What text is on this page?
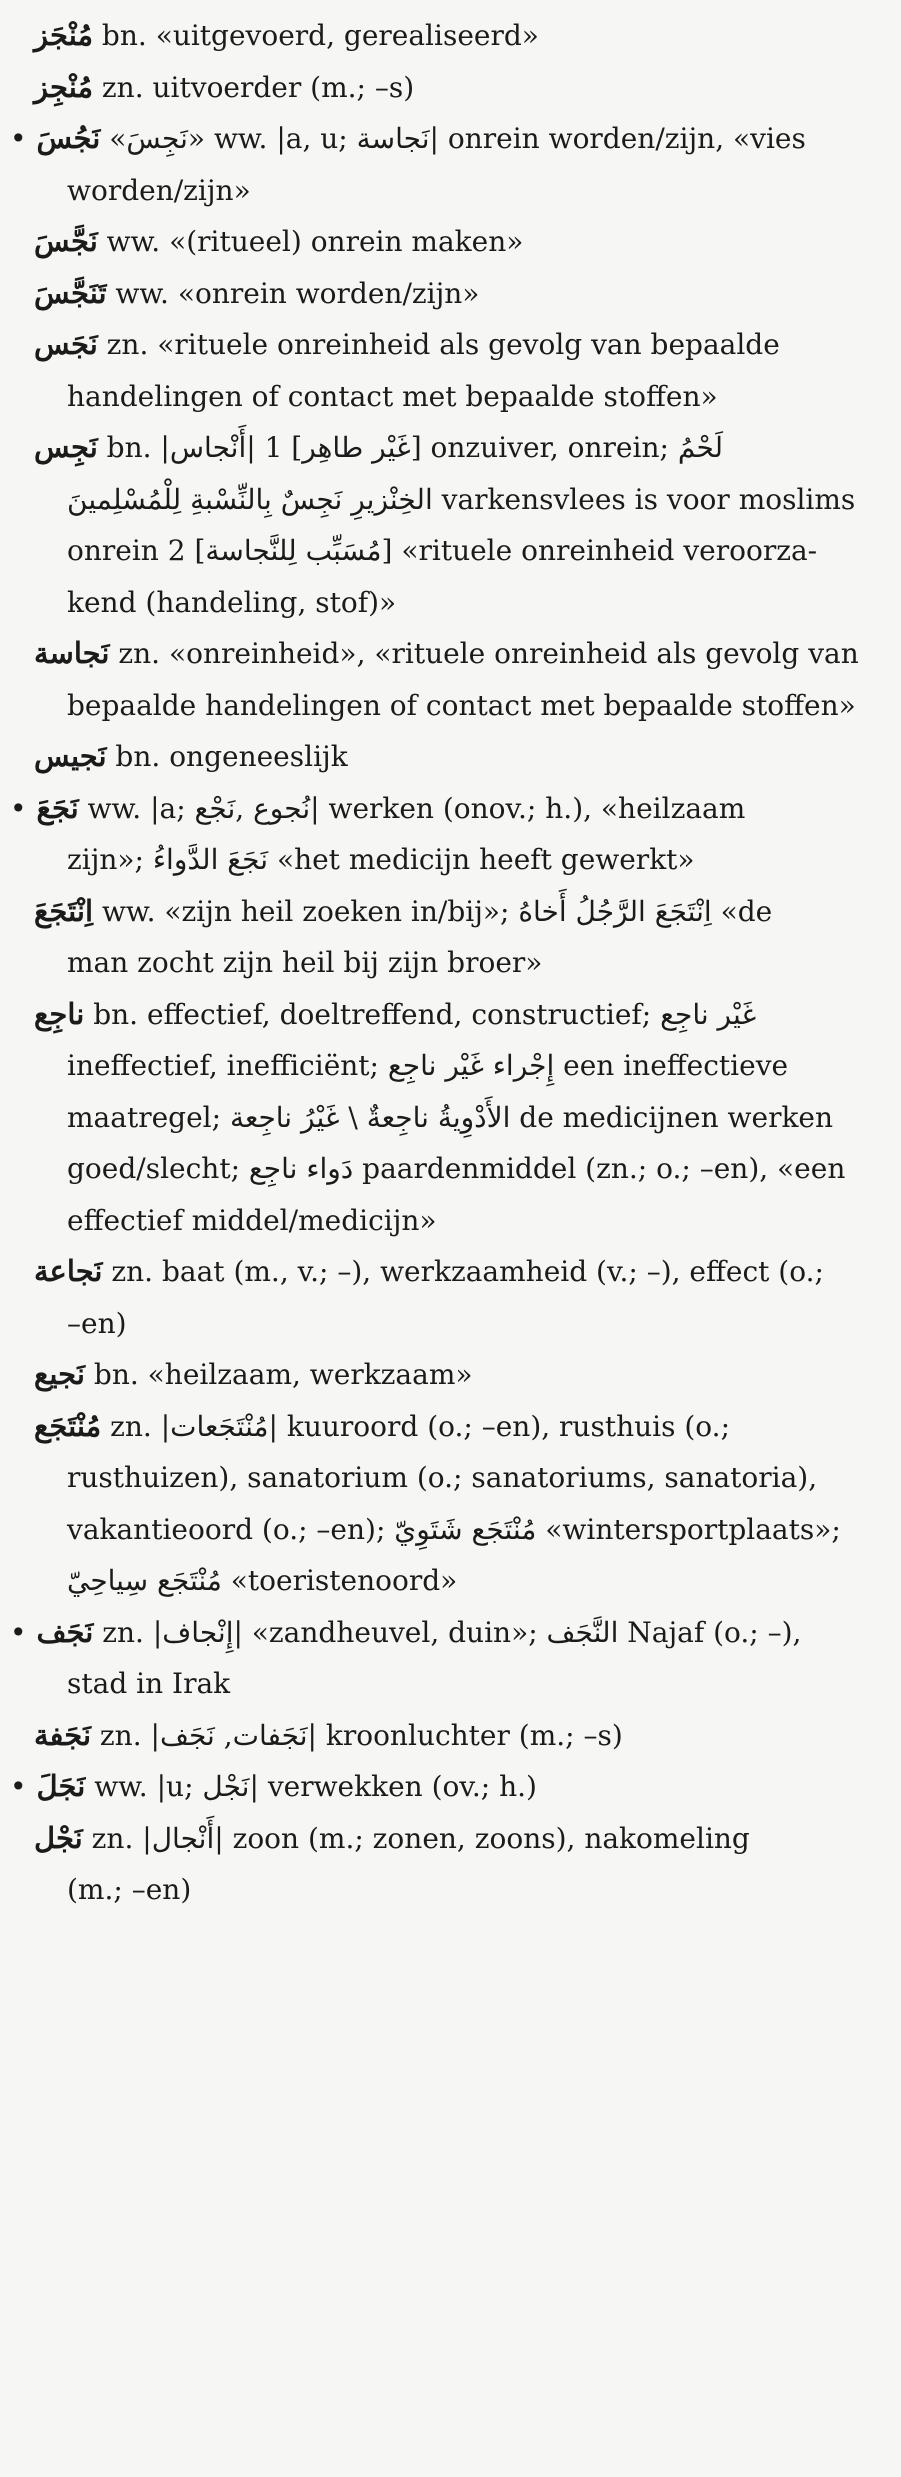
مُنْجَز bn. «uitgevoerd, gerealiseerd»

مُنْجِز zn. uitvoerder (m.; –s)

• نَجُسَ «نَجِسَ» ww. |a, u; نَجاسة| onrein worden/zijn, «vies
worden/zijn»

نَجَّسَ ww. «(ritueel) onrein maken»

تَنَجَّسَ ww. «onrein worden/zijn»

نَجَس zn. «rituele onreinheid als gevolg van bepaalde
handelingen of contact met bepaalde stoffen»

نَجِس bn. |أَنْجاس| 1 [غَيْر طاهِر] onzuiver, onrein; لَحْمُ
الخِنْزيرِ نَجِسٌ بِالنِّسْبةِ لِلْمُسْلِمينَ varkensvlees is voor moslims
onrein 2 [مُسَبِّب لِلنَّجاسة] «rituele onreinheid veroorza-
kend (handeling, stof)»

نَجاسة zn. «onreinheid», «rituele onreinheid als gevolg van
bepaalde handelingen of contact met bepaalde stoffen»

نَجيس bn. ongeneeslijk

• نَجَعَ ww. |a; نُجوع ,نَجْع| werken (onov.; h.), «heilzaam
zijn»; نَجَعَ الدَّواءُ «het medicijn heeft gewerkt»

اِنْتَجَعَ ww. «zijn heil zoeken in/bij»; اِنْتَجَعَ الرَّجُلُ أَخاهُ «de
man zocht zijn heil bij zijn broer»

ناجِع bn. effectief, doeltreffend, constructief; غَيْر ناجِع
ineffectief, inefficiënt; إِجْراء غَيْر ناجِع een ineffectieve
maatregel; الأَدْوِيةُ ناجِعةٌ \ غَيْرُ ناجِعة de medicijnen werken
goed/slecht; دَواء ناجِع paardenmiddel (zn.; o.; –en), «een
effectief middel/medicijn»

نَجاعة zn. baat (m., v.; –), werkzaamheid (v.; –), effect (o.;
–en)

نَجيع bn. «heilzaam, werkzaam»

مُنْتَجَع zn. |مُنْتَجَعات| kuuroord (o.; –en), rusthuis (o.;
rusthuizen), sanatorium (o.; sanatoriums, sanatoria),
vakantieoord (o.; –en); مُنْتَجَع شَتَوِيّ «wintersportplaats»;
مُنْتَجَع سِياحِيّ «toeristenoord»

• نَجَف zn. |إِنْجاف| «zandheuvel, duin»; النَّجَف Najaf (o.; –),
stad in Irak

نَجَفة zn. |نَجَفات, نَجَف| kroonluchter (m.; –s)

• نَجَلَ ww. |u; نَجْل| verwekken (ov.; h.)

نَجْل zn. |أَنْجال| zoon (m.; zonen, zoons), nakomeling
(m.; –en)
